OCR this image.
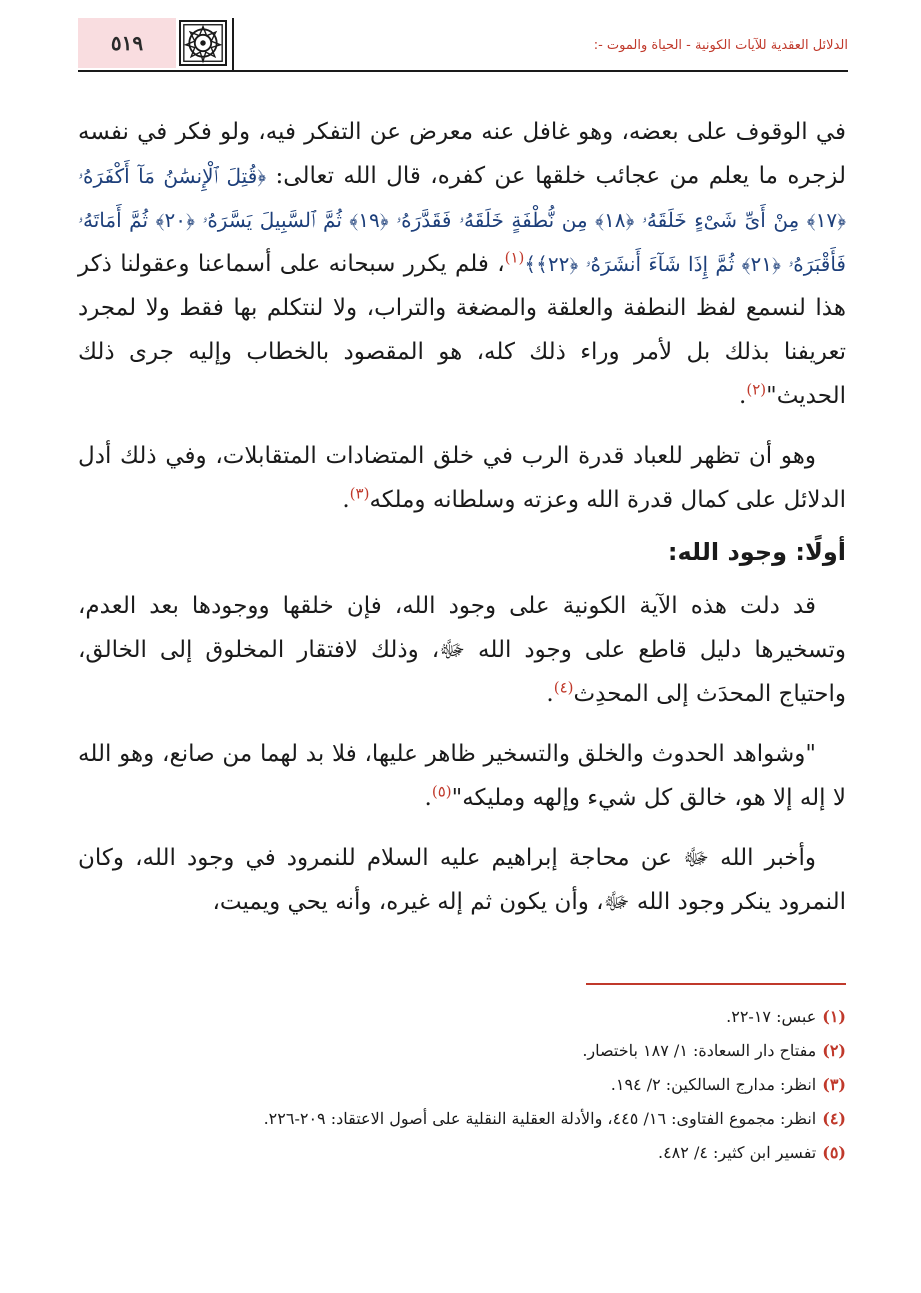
٥١٩	الدلائل العقدية للآيات الكونية - الحياة والموت -:

في الوقوف على بعضه، وهو غافل عنه معرض عن التفكر فيه، ولو فكر في نفسه لزجره ما يعلم من عجائب خلقها عن كفره، قال الله تعالى: ﴿قُتِلَ ٱلْإِنسَٰنُ مَآ أَكْفَرَهُۥ ﴿١٧﴾ مِنْ أَىِّ شَىْءٍ خَلَقَهُۥ ﴿١٨﴾ مِن نُّطْفَةٍ خَلَقَهُۥ فَقَدَّرَهُۥ ﴿١٩﴾ ثُمَّ ٱلسَّبِيلَ يَسَّرَهُۥ ﴿٢٠﴾ ثُمَّ أَمَاتَهُۥ فَأَقْبَرَهُۥ ﴿٢١﴾ ثُمَّ إِذَا شَآءَ أَنشَرَهُۥ ﴿٢٢﴾﴾$^{(١)}$، فلم يكرر سبحانه على أسماعنا وعقولنا ذكر هذا لنسمع لفظ النطفة والعلقة والمضغة والتراب، ولا لنتكلم بها فقط ولا لمجرد تعريفنا بذلك بل لأمر وراء ذلك كله، هو المقصود بالخطاب وإليه جرى ذلك الحديث"$^{(٢)}$.

وهو أن تظهر للعباد قدرة الرب في خلق المتضادات المتقابلات، وفي ذلك أدل الدلائل على كمال قدرة الله وعزته وسلطانه وملكه$^{(٣)}$.

أولًا: وجود الله:

قد دلت هذه الآية الكونية على وجود الله، فإن خلقها ووجودها بعد العدم، وتسخيرها دليل قاطع على وجود الله ﷻ، وذلك لافتقار المخلوق إلى الخالق، واحتياج المحدَث إلى المحدِث$^{(٤)}$.

"وشواهد الحدوث والخلق والتسخير ظاهر عليها، فلا بد لهما من صانع، وهو الله لا إله إلا هو، خالق كل شيء وإلهه ومليكه"$^{(٥)}$.

وأخبر الله ﷻ عن محاجة إبراهيم عليه السلام للنمرود في وجود الله، وكان النمرود ينكر وجود الله ﷻ، وأن يكون ثم إله غيره، وأنه يحي ويميت،

(١)عبس: ١٧-٢٢.

(٢)مفتاح دار السعادة: ١/ ١٨٧ باختصار.

(٣)انظر: مدارج السالكين: ٢/ ١٩٤.

(٤)انظر: مجموع الفتاوى: ١٦/ ٤٤٥، والأدلة العقلية النقلية على أصول الاعتقاد: ٢٠٩-٢٢٦.

(٥)تفسير ابن كثير: ٤/ ٤٨٢.
